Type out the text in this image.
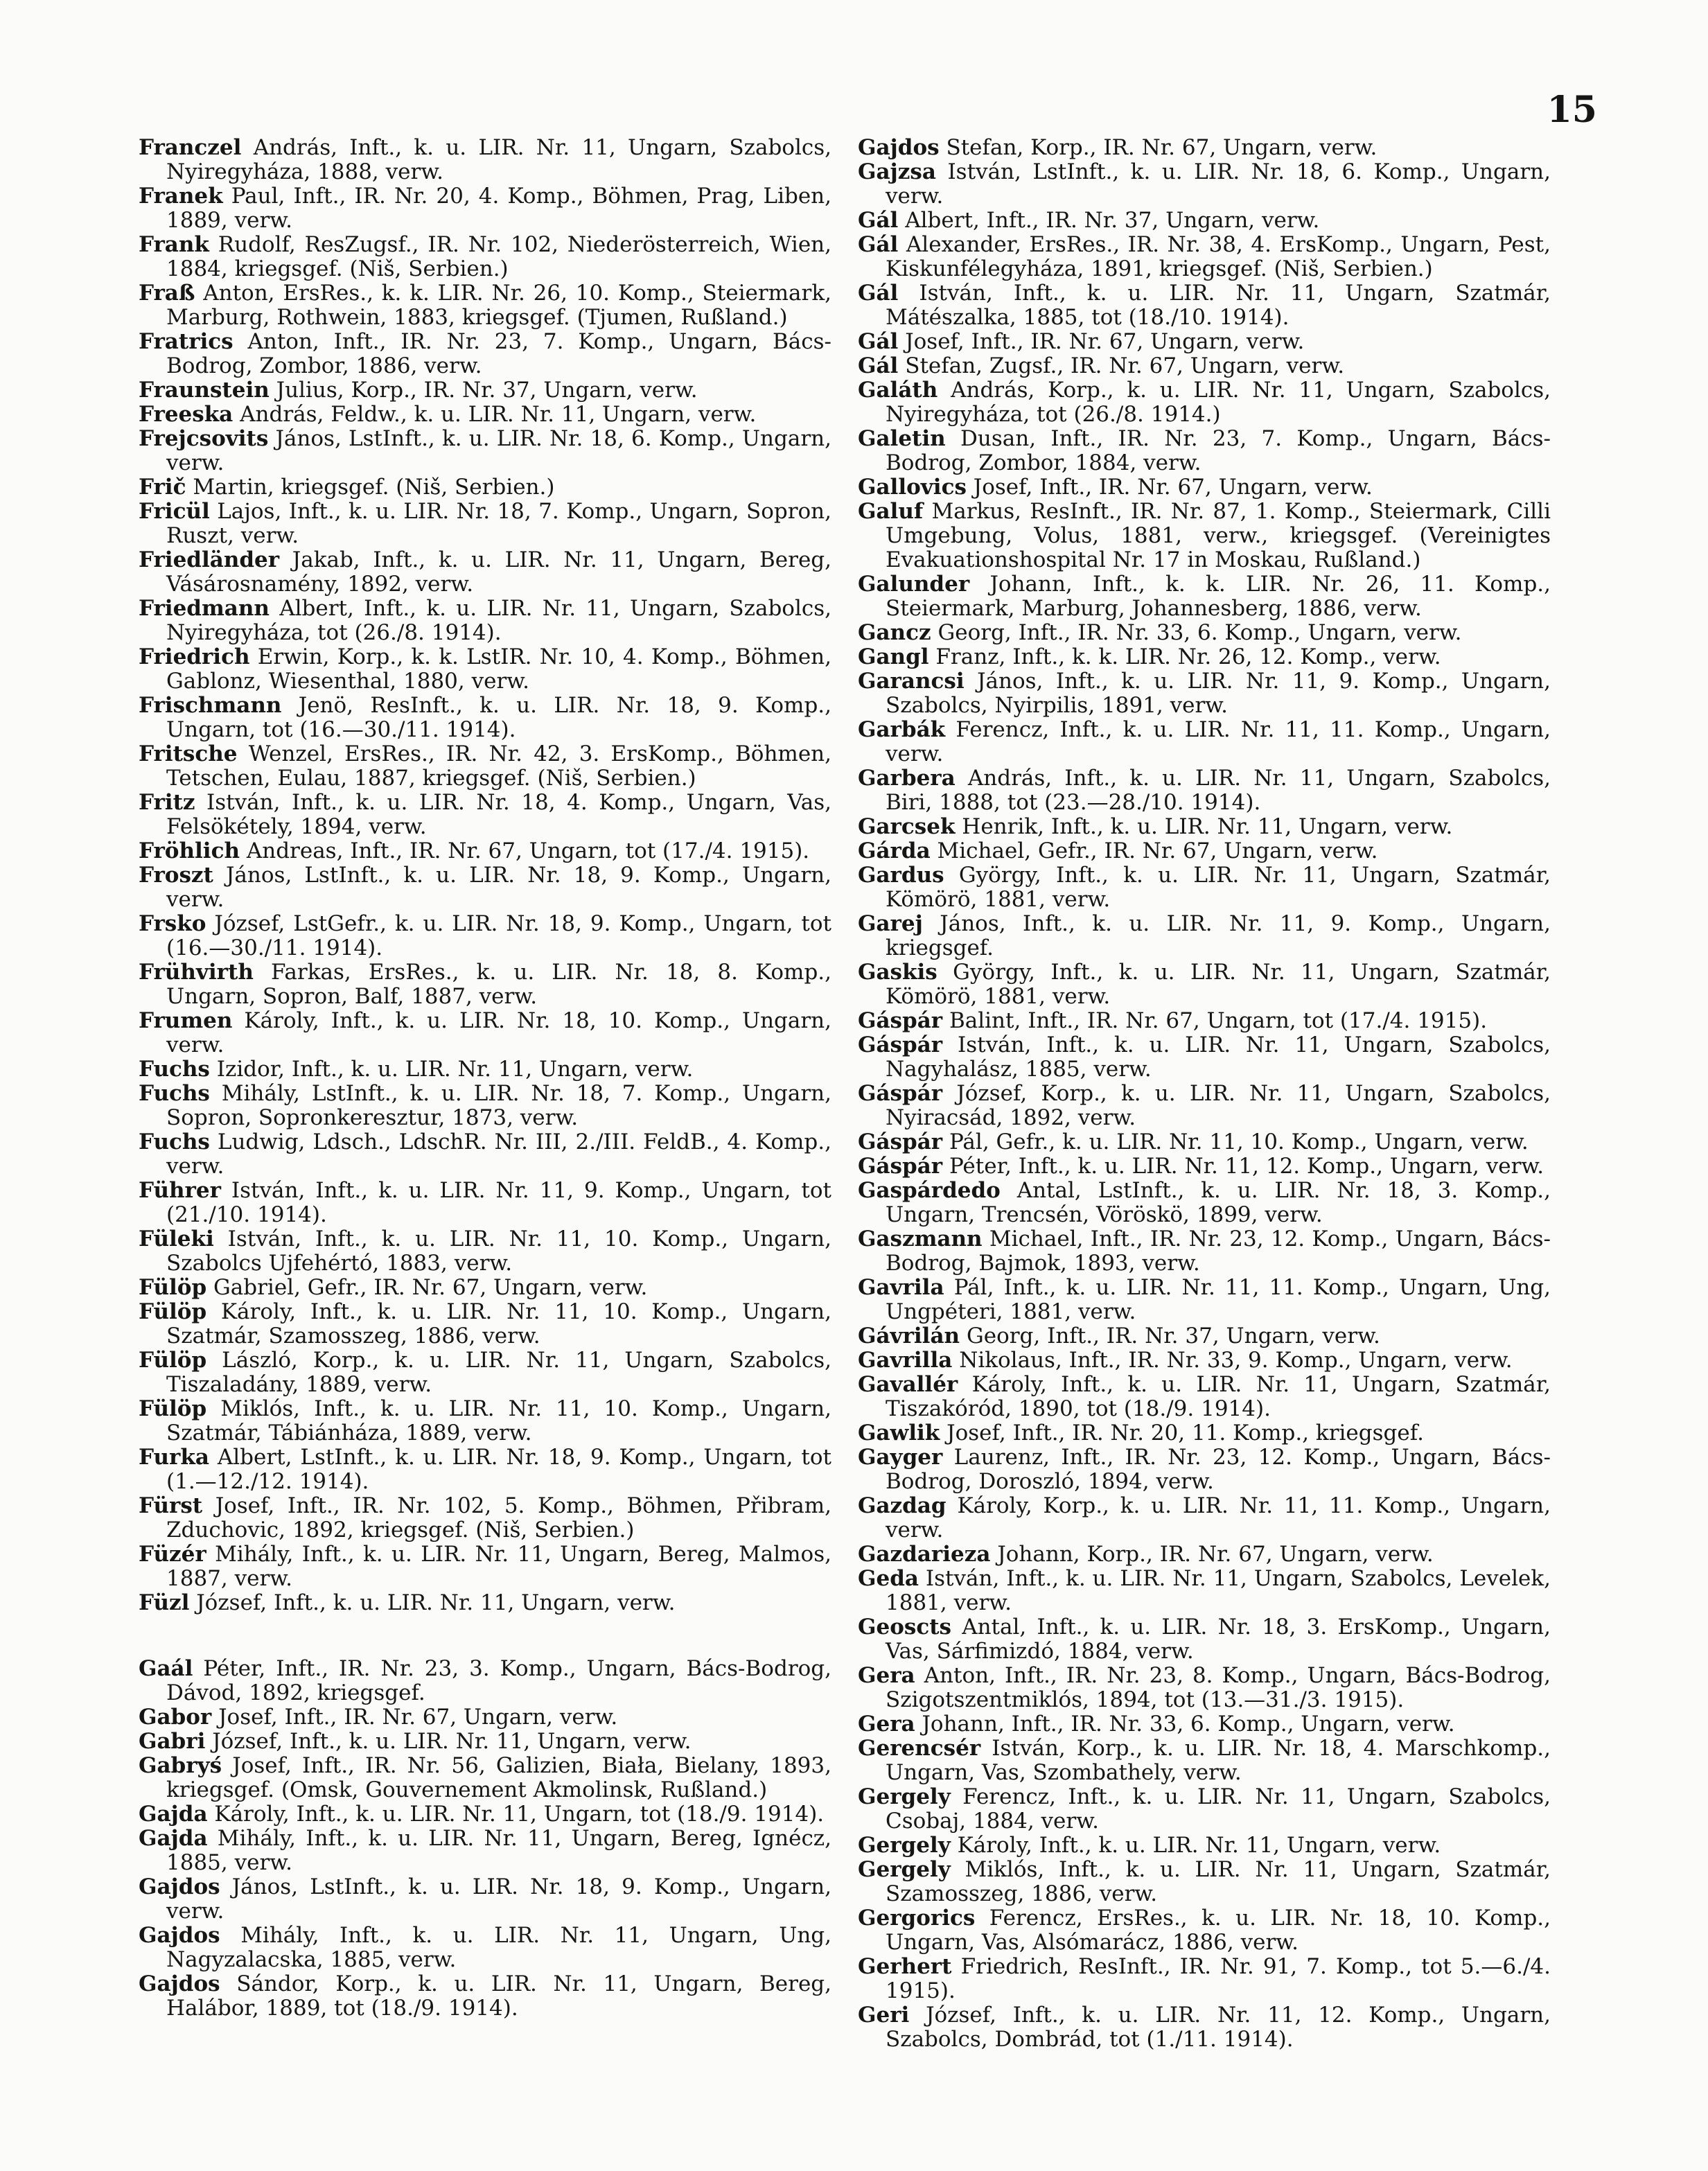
15

Franczel András, Inft., k. u. LIR. Nr. 11, Ungarn, Szabolcs, Nyiregyháza, 1888, verw.

Franek Paul, Inft., IR. Nr. 20, 4. Komp., Böhmen, Prag, Liben, 1889, verw.

Frank Rudolf, ResZugsf., IR. Nr. 102, Niederösterreich, Wien, 1884, kriegsgef. (Niš, Serbien.)

Fraß Anton, ErsRes., k. k. LIR. Nr. 26, 10. Komp., Steiermark, Marburg, Rothwein, 1883, kriegsgef. (Tjumen, Rußland.)

Fratrics Anton, Inft., IR. Nr. 23, 7. Komp., Ungarn, Bács-Bodrog, Zombor, 1886, verw.

Fraunstein Julius, Korp., IR. Nr. 37, Ungarn, verw.

Freeska András, Feldw., k. u. LIR. Nr. 11, Ungarn, verw.

Frejcsovits János, LstInft., k. u. LIR. Nr. 18, 6. Komp., Ungarn, verw.

Frič Martin, kriegsgef. (Niš, Serbien.)

Fricül Lajos, Inft., k. u. LIR. Nr. 18, 7. Komp., Ungarn, Sopron, Ruszt, verw.

Friedländer Jakab, Inft., k. u. LIR. Nr. 11, Ungarn, Bereg, Vásárosnamény, 1892, verw.

Friedmann Albert, Inft., k. u. LIR. Nr. 11, Ungarn, Szabolcs, Nyiregyháza, tot (26./8. 1914).

Friedrich Erwin, Korp., k. k. LstIR. Nr. 10, 4. Komp., Böhmen, Gablonz, Wiesenthal, 1880, verw.

Frischmann Jenö, ResInft., k. u. LIR. Nr. 18, 9. Komp., Ungarn, tot (16.—30./11. 1914).

Fritsche Wenzel, ErsRes., IR. Nr. 42, 3. ErsKomp., Böhmen, Tetschen, Eulau, 1887, kriegsgef. (Niš, Serbien.)

Fritz István, Inft., k. u. LIR. Nr. 18, 4. Komp., Ungarn, Vas, Felsökétely, 1894, verw.

Fröhlich Andreas, Inft., IR. Nr. 67, Ungarn, tot (17./4. 1915).

Froszt János, LstInft., k. u. LIR. Nr. 18, 9. Komp., Ungarn, verw.

Frsko József, LstGefr., k. u. LIR. Nr. 18, 9. Komp., Ungarn, tot (16.—30./11. 1914).

Frühvirth Farkas, ErsRes., k. u. LIR. Nr. 18, 8. Komp., Ungarn, Sopron, Balf, 1887, verw.

Frumen Károly, Inft., k. u. LIR. Nr. 18, 10. Komp., Ungarn, verw.

Fuchs Izidor, Inft., k. u. LIR. Nr. 11, Ungarn, verw.

Fuchs Mihály, LstInft., k. u. LIR. Nr. 18, 7. Komp., Ungarn, Sopron, Sopronkeresztur, 1873, verw.

Fuchs Ludwig, Ldsch., LdschR. Nr. III, 2./III. FeldB., 4. Komp., verw.

Führer István, Inft., k. u. LIR. Nr. 11, 9. Komp., Ungarn, tot (21./10. 1914).

Füleki István, Inft., k. u. LIR. Nr. 11, 10. Komp., Ungarn, Szabolcs Ujfehértó, 1883, verw.

Fülöp Gabriel, Gefr., IR. Nr. 67, Ungarn, verw.

Fülöp Károly, Inft., k. u. LIR. Nr. 11, 10. Komp., Ungarn, Szatmár, Szamosszeg, 1886, verw.

Fülöp László, Korp., k. u. LIR. Nr. 11, Ungarn, Szabolcs, Tiszaladány, 1889, verw.

Fülöp Miklós, Inft., k. u. LIR. Nr. 11, 10. Komp., Ungarn, Szatmár, Tábiánháza, 1889, verw.

Furka Albert, LstInft., k. u. LIR. Nr. 18, 9. Komp., Ungarn, tot (1.—12./12. 1914).

Fürst Josef, Inft., IR. Nr. 102, 5. Komp., Böhmen, Přibram, Zduchovic, 1892, kriegsgef. (Niš, Serbien.)

Füzér Mihály, Inft., k. u. LIR. Nr. 11, Ungarn, Bereg, Malmos, 1887, verw.

Füzl József, Inft., k. u. LIR. Nr. 11, Ungarn, verw.

Gaál Péter, Inft., IR. Nr. 23, 3. Komp., Ungarn, Bács-Bodrog, Dávod, 1892, kriegsgef.

Gabor Josef, Inft., IR. Nr. 67, Ungarn, verw.

Gabri József, Inft., k. u. LIR. Nr. 11, Ungarn, verw.

Gabryś Josef, Inft., IR. Nr. 56, Galizien, Biała, Bielany, 1893, kriegsgef. (Omsk, Gouvernement Akmolinsk, Rußland.)

Gajda Károly, Inft., k. u. LIR. Nr. 11, Ungarn, tot (18./9. 1914).

Gajda Mihály, Inft., k. u. LIR. Nr. 11, Ungarn, Bereg, Ignécz, 1885, verw.

Gajdos János, LstInft., k. u. LIR. Nr. 18, 9. Komp., Ungarn, verw.

Gajdos Mihály, Inft., k. u. LIR. Nr. 11, Ungarn, Ung, Nagyzalacska, 1885, verw.

Gajdos Sándor, Korp., k. u. LIR. Nr. 11, Ungarn, Bereg, Halábor, 1889, tot (18./9. 1914).

Gajdos Stefan, Korp., IR. Nr. 67, Ungarn, verw.

Gajzsa István, LstInft., k. u. LIR. Nr. 18, 6. Komp., Ungarn, verw.

Gál Albert, Inft., IR. Nr. 37, Ungarn, verw.

Gál Alexander, ErsRes., IR. Nr. 38, 4. ErsKomp., Ungarn, Pest, Kiskunfélegyháza, 1891, kriegsgef. (Niš, Serbien.)

Gál István, Inft., k. u. LIR. Nr. 11, Ungarn, Szatmár, Mátészalka, 1885, tot (18./10. 1914).

Gál Josef, Inft., IR. Nr. 67, Ungarn, verw.

Gál Stefan, Zugsf., IR. Nr. 67, Ungarn, verw.

Galáth András, Korp., k. u. LIR. Nr. 11, Ungarn, Szabolcs, Nyiregyháza, tot (26./8. 1914.)

Galetin Dusan, Inft., IR. Nr. 23, 7. Komp., Ungarn, Bács-Bodrog, Zombor, 1884, verw.

Gallovics Josef, Inft., IR. Nr. 67, Ungarn, verw.

Galuf Markus, ResInft., IR. Nr. 87, 1. Komp., Steiermark, Cilli Umgebung, Volus, 1881, verw., kriegsgef. (Vereinigtes Evakuationshospital Nr. 17 in Moskau, Rußland.)

Galunder Johann, Inft., k. k. LIR. Nr. 26, 11. Komp., Steiermark, Marburg, Johannesberg, 1886, verw.

Gancz Georg, Inft., IR. Nr. 33, 6. Komp., Ungarn, verw.

Gangl Franz, Inft., k. k. LIR. Nr. 26, 12. Komp., verw.

Garancsi János, Inft., k. u. LIR. Nr. 11, 9. Komp., Ungarn, Szabolcs, Nyirpilis, 1891, verw.

Garbák Ferencz, Inft., k. u. LIR. Nr. 11, 11. Komp., Ungarn, verw.

Garbera András, Inft., k. u. LIR. Nr. 11, Ungarn, Szabolcs, Biri, 1888, tot (23.—28./10. 1914).

Garcsek Henrik, Inft., k. u. LIR. Nr. 11, Ungarn, verw.

Gárda Michael, Gefr., IR. Nr. 67, Ungarn, verw.

Gardus György, Inft., k. u. LIR. Nr. 11, Ungarn, Szatmár, Kömörö, 1881, verw.

Garej János, Inft., k. u. LIR. Nr. 11, 9. Komp., Ungarn, kriegsgef.

Gaskis György, Inft., k. u. LIR. Nr. 11, Ungarn, Szatmár, Kömörö, 1881, verw.

Gáspár Balint, Inft., IR. Nr. 67, Ungarn, tot (17./4. 1915).

Gáspár István, Inft., k. u. LIR. Nr. 11, Ungarn, Szabolcs, Nagyhalász, 1885, verw.

Gáspár József, Korp., k. u. LIR. Nr. 11, Ungarn, Szabolcs, Nyiracsád, 1892, verw.

Gáspár Pál, Gefr., k. u. LIR. Nr. 11, 10. Komp., Ungarn, verw.

Gáspár Péter, Inft., k. u. LIR. Nr. 11, 12. Komp., Ungarn, verw.

Gaspárdedo Antal, LstInft., k. u. LIR. Nr. 18, 3. Komp., Ungarn, Trencsén, Vöröskö, 1899, verw.

Gaszmann Michael, Inft., IR. Nr. 23, 12. Komp., Ungarn, Bács-Bodrog, Bajmok, 1893, verw.

Gavrila Pál, Inft., k. u. LIR. Nr. 11, 11. Komp., Ungarn, Ung, Ungpéteri, 1881, verw.

Gávrilán Georg, Inft., IR. Nr. 37, Ungarn, verw.

Gavrilla Nikolaus, Inft., IR. Nr. 33, 9. Komp., Ungarn, verw.

Gavallér Károly, Inft., k. u. LIR. Nr. 11, Ungarn, Szatmár, Tiszakóród, 1890, tot (18./9. 1914).

Gawlik Josef, Inft., IR. Nr. 20, 11. Komp., kriegsgef.

Gayger Laurenz, Inft., IR. Nr. 23, 12. Komp., Ungarn, Bács-Bodrog, Doroszló, 1894, verw.

Gazdag Károly, Korp., k. u. LIR. Nr. 11, 11. Komp., Ungarn, verw.

Gazdarieza Johann, Korp., IR. Nr. 67, Ungarn, verw.

Geda István, Inft., k. u. LIR. Nr. 11, Ungarn, Szabolcs, Levelek, 1881, verw.

Geoscts Antal, Inft., k. u. LIR. Nr. 18, 3. ErsKomp., Ungarn, Vas, Sárfimizdó, 1884, verw.

Gera Anton, Inft., IR. Nr. 23, 8. Komp., Ungarn, Bács-Bodrog, Szigotszentmiklós, 1894, tot (13.—31./3. 1915).

Gera Johann, Inft., IR. Nr. 33, 6. Komp., Ungarn, verw.

Gerencsér István, Korp., k. u. LIR. Nr. 18, 4. Marschkomp., Ungarn, Vas, Szombathely, verw.

Gergely Ferencz, Inft., k. u. LIR. Nr. 11, Ungarn, Szabolcs, Csobaj, 1884, verw.

Gergely Károly, Inft., k. u. LIR. Nr. 11, Ungarn, verw.

Gergely Miklós, Inft., k. u. LIR. Nr. 11, Ungarn, Szatmár, Szamosszeg, 1886, verw.

Gergorics Ferencz, ErsRes., k. u. LIR. Nr. 18, 10. Komp., Ungarn, Vas, Alsómarácz, 1886, verw.

Gerhert Friedrich, ResInft., IR. Nr. 91, 7. Komp., tot 5.—6./4. 1915).

Geri József, Inft., k. u. LIR. Nr. 11, 12. Komp., Ungarn, Szabolcs, Dombrád, tot (1./11. 1914).
